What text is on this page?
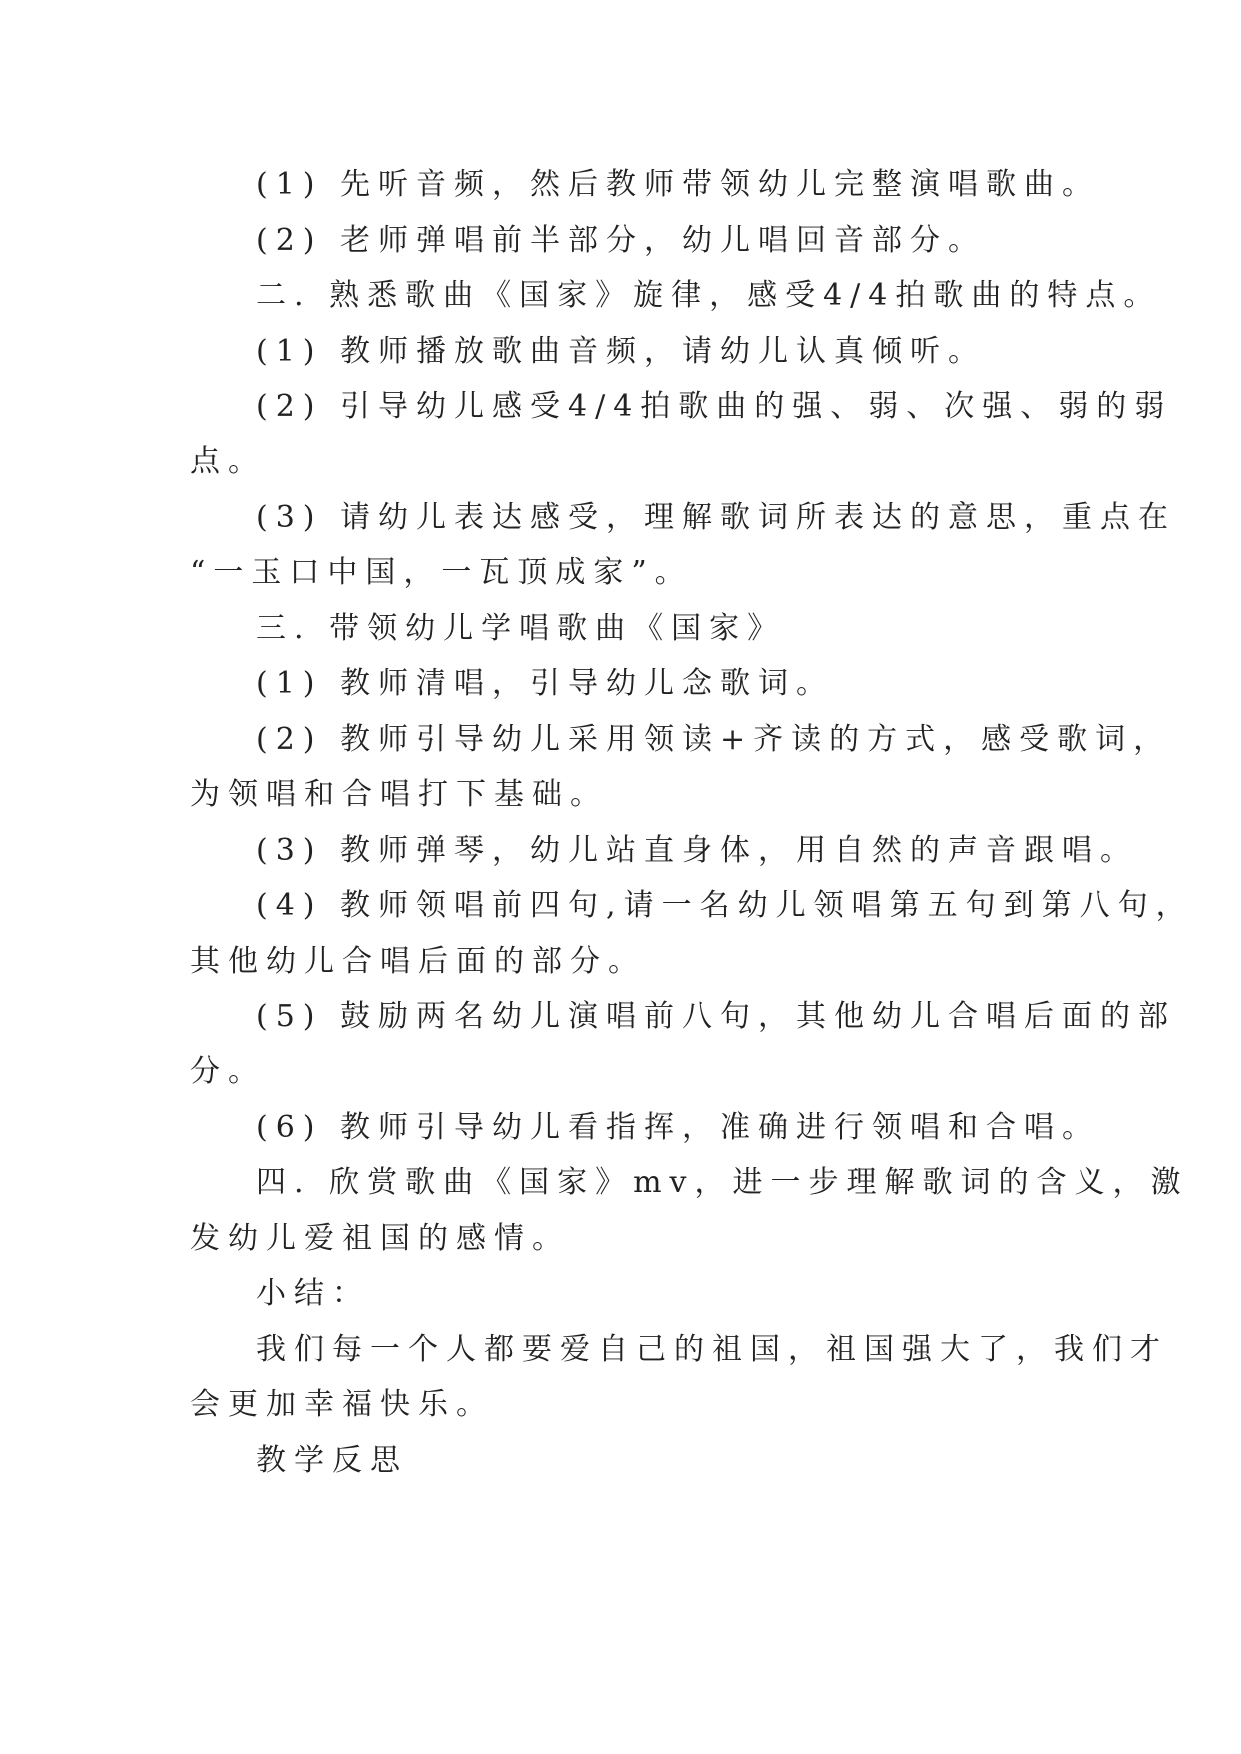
(1) 先听音频，然后教师带领幼儿完整演唱歌曲。
(2) 老师弹唱前半部分，幼儿唱回音部分。
二. 熟悉歌曲《国家》旋律，感受4/4拍歌曲的特点。
(1) 教师播放歌曲音频，请幼儿认真倾听。
(2) 引导幼儿感受4/4拍歌曲的强、弱、次强、弱的弱
点。
(3) 请幼儿表达感受，理解歌词所表达的意思，重点在
“一玉口中国，一瓦顶成家”。
三. 带领幼儿学唱歌曲《国家》
(1) 教师清唱，引导幼儿念歌词。
(2) 教师引导幼儿采用领读+齐读的方式，感受歌词，
为领唱和合唱打下基础。
(3) 教师弹琴，幼儿站直身体，用自然的声音跟唱。
(4) 教师领唱前四句,请一名幼儿领唱第五句到第八句，
其他幼儿合唱后面的部分。
(5) 鼓励两名幼儿演唱前八句，其他幼儿合唱后面的部
分。
(6) 教师引导幼儿看指挥，准确进行领唱和合唱。
四. 欣赏歌曲《国家》mv，进一步理解歌词的含义，激
发幼儿爱祖国的感情。
小结：
我们每一个人都要爱自己的祖国，祖国强大了，我们才
会更加幸福快乐。
教学反思
